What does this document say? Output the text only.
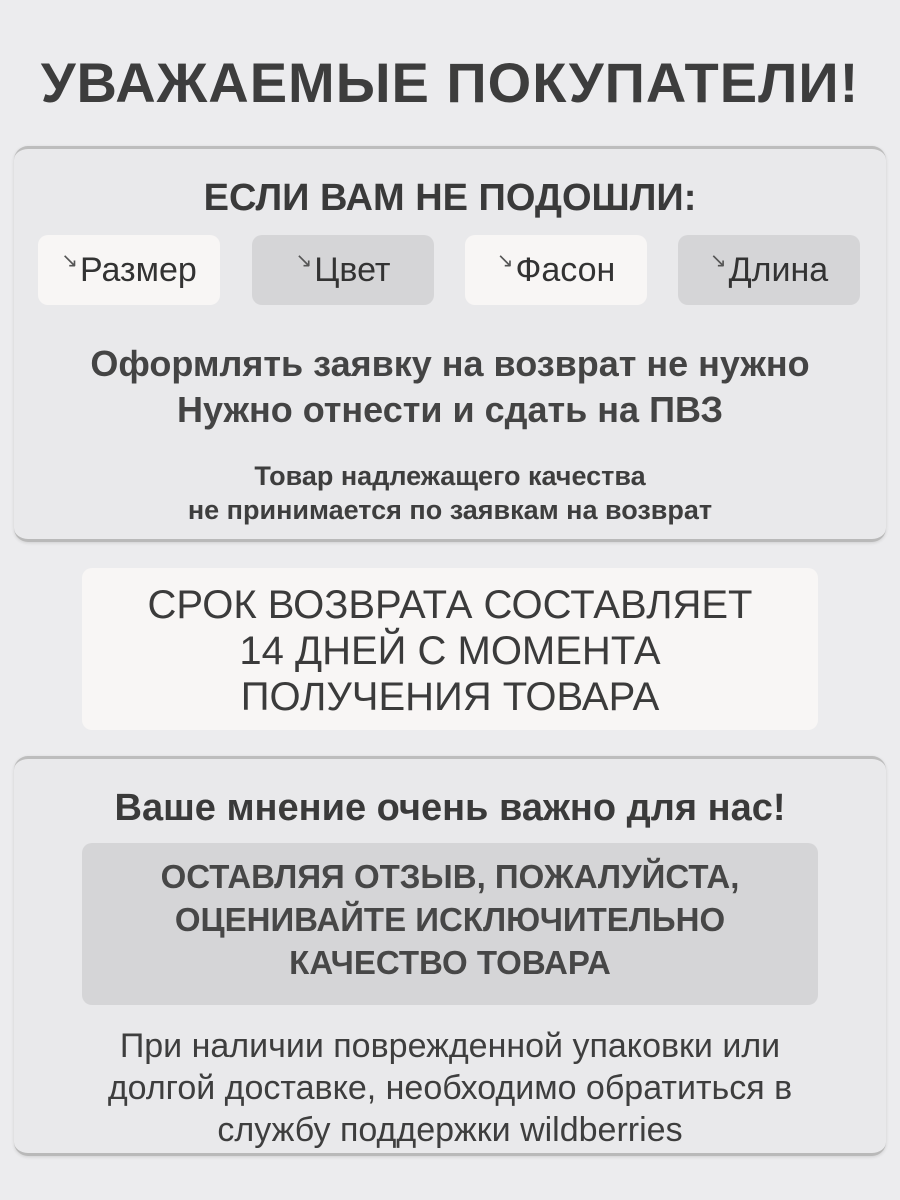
УВАЖАЕМЫЕ ПОКУПАТЕЛИ!
ЕСЛИ ВАМ НЕ ПОДОШЛИ:
↘ Размер	↘ Цвет	↘ Фасон	↘ Длина
Оформлять заявку на возврат не нужно
Нужно отнести и сдать на ПВЗ
Товар надлежащего качества
не принимается по заявкам на возврат
СРОК ВОЗВРАТА СОСТАВЛЯЕТ
14 ДНЕЙ С МОМЕНТА
ПОЛУЧЕНИЯ ТОВАРА
Ваше мнение очень важно для нас!
ОСТАВЛЯЯ ОТЗЫВ, ПОЖАЛУЙСТА,
ОЦЕНИВАЙТЕ ИСКЛЮЧИТЕЛЬНО
КАЧЕСТВО ТОВАРА
При наличии поврежденной упаковки или
долгой доставке, необходимо обратиться в
службу поддержки wildberries
